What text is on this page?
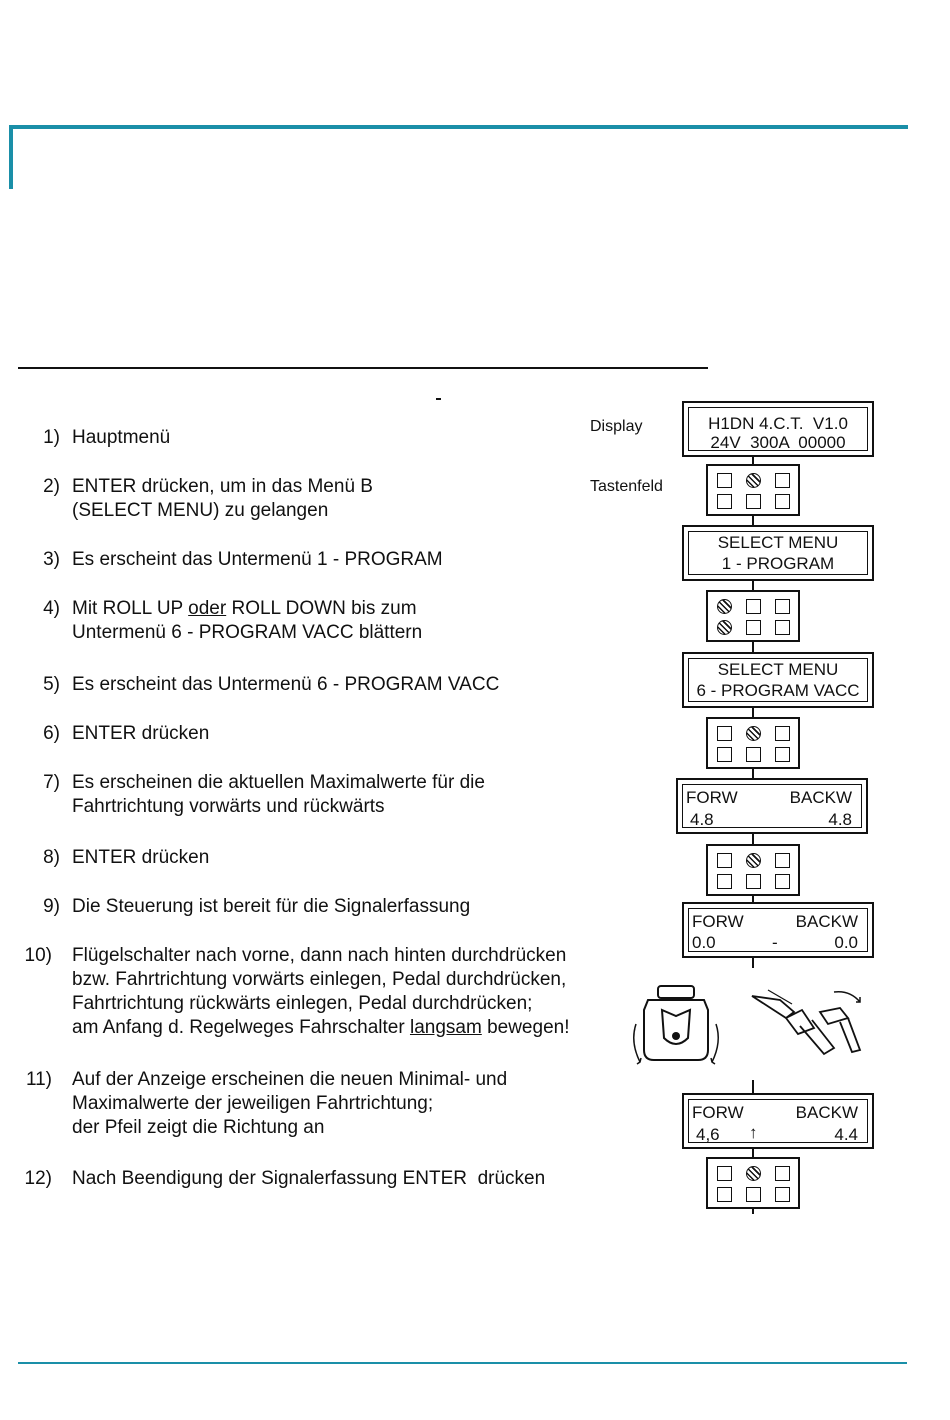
Display
Tastenfeld
1) Hauptmenü
2) ENTER drücken, um in das Menü B
(SELECT MENU) zu gelangen
3) Es erscheint das Untermenü 1 - PROGRAM
4) Mit ROLL UP oder ROLL DOWN bis zum
Untermenü 6 - PROGRAM VACC blättern
5) Es erscheint das Untermenü 6 - PROGRAM VACC
6) ENTER drücken
7) Es erscheinen die aktuellen Maximalwerte für die
Fahrtrichtung vorwärts und rückwärts
8) ENTER drücken
9) Die Steuerung ist bereit für die Signalerfassung
10) Flügelschalter nach vorne, dann nach hinten durchdrücken
bzw. Fahrtrichtung vorwärts einlegen, Pedal durchdrücken,
Fahrtrichtung rückwärts einlegen, Pedal durchdrücken;
am Anfang d. Regelweges Fahrschalter langsam bewegen!
11) Auf der Anzeige erscheinen die neuen Minimal- und
Maximalwerte der jeweiligen Fahrtrichtung;
der Pfeil zeigt die Richtung an
12) Nach Beendigung der Signalerfassung ENTER  drücken
H1DN 4.C.T.  V1.0
24V  300A  00000
SELECT MENU
1 - PROGRAM
SELECT MENU
6 - PROGRAM VACC
FORW	BACKW
4.8	4.8
FORW	BACKW
0.0	-	0.0
FORW	BACKW
4,6 ↑	4.4
